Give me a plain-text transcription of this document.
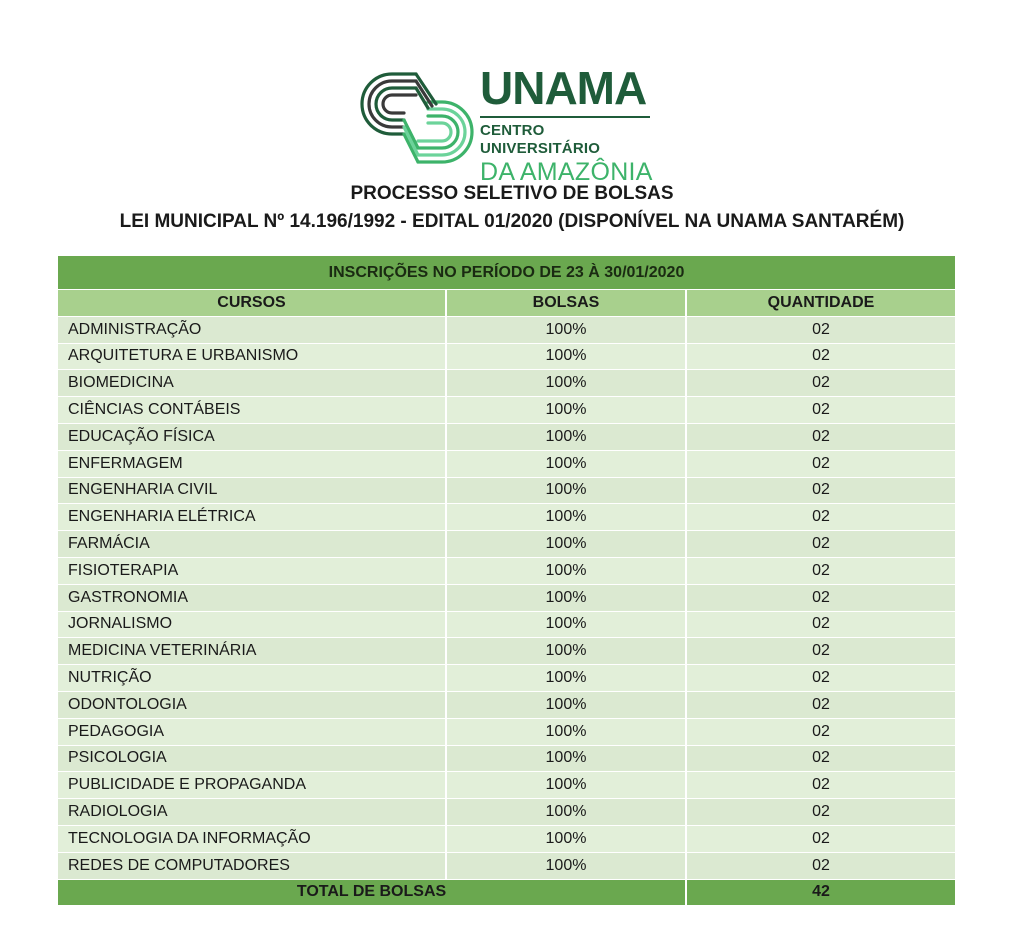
UNAMA
CENTRO UNIVERSITÁRIO
DA AMAZÔNIA
PROCESSO SELETIVO DE BOLSAS
LEI MUNICIPAL Nº 14.196/1992 - EDITAL 01/2020 (DISPONÍVEL NA UNAMA SANTARÉM)
INSCRIÇÕES NO PERÍODO DE 23 À 30/01/2020		
CURSOS	BOLSAS	QUANTIDADE
ADMINISTRAÇÃO	100%	02
ARQUITETURA E URBANISMO	100%	02
BIOMEDICINA	100%	02
CIÊNCIAS CONTÁBEIS	100%	02
EDUCAÇÃO FÍSICA	100%	02
ENFERMAGEM	100%	02
ENGENHARIA CIVIL	100%	02
ENGENHARIA ELÉTRICA	100%	02
FARMÁCIA	100%	02
FISIOTERAPIA	100%	02
GASTRONOMIA	100%	02
JORNALISMO	100%	02
MEDICINA VETERINÁRIA	100%	02
NUTRIÇÃO	100%	02
ODONTOLOGIA	100%	02
PEDAGOGIA	100%	02
PSICOLOGIA	100%	02
PUBLICIDADE E PROPAGANDA	100%	02
RADIOLOGIA	100%	02
TECNOLOGIA DA INFORMAÇÃO	100%	02
REDES DE COMPUTADORES	100%	02
TOTAL DE BOLSAS		42
